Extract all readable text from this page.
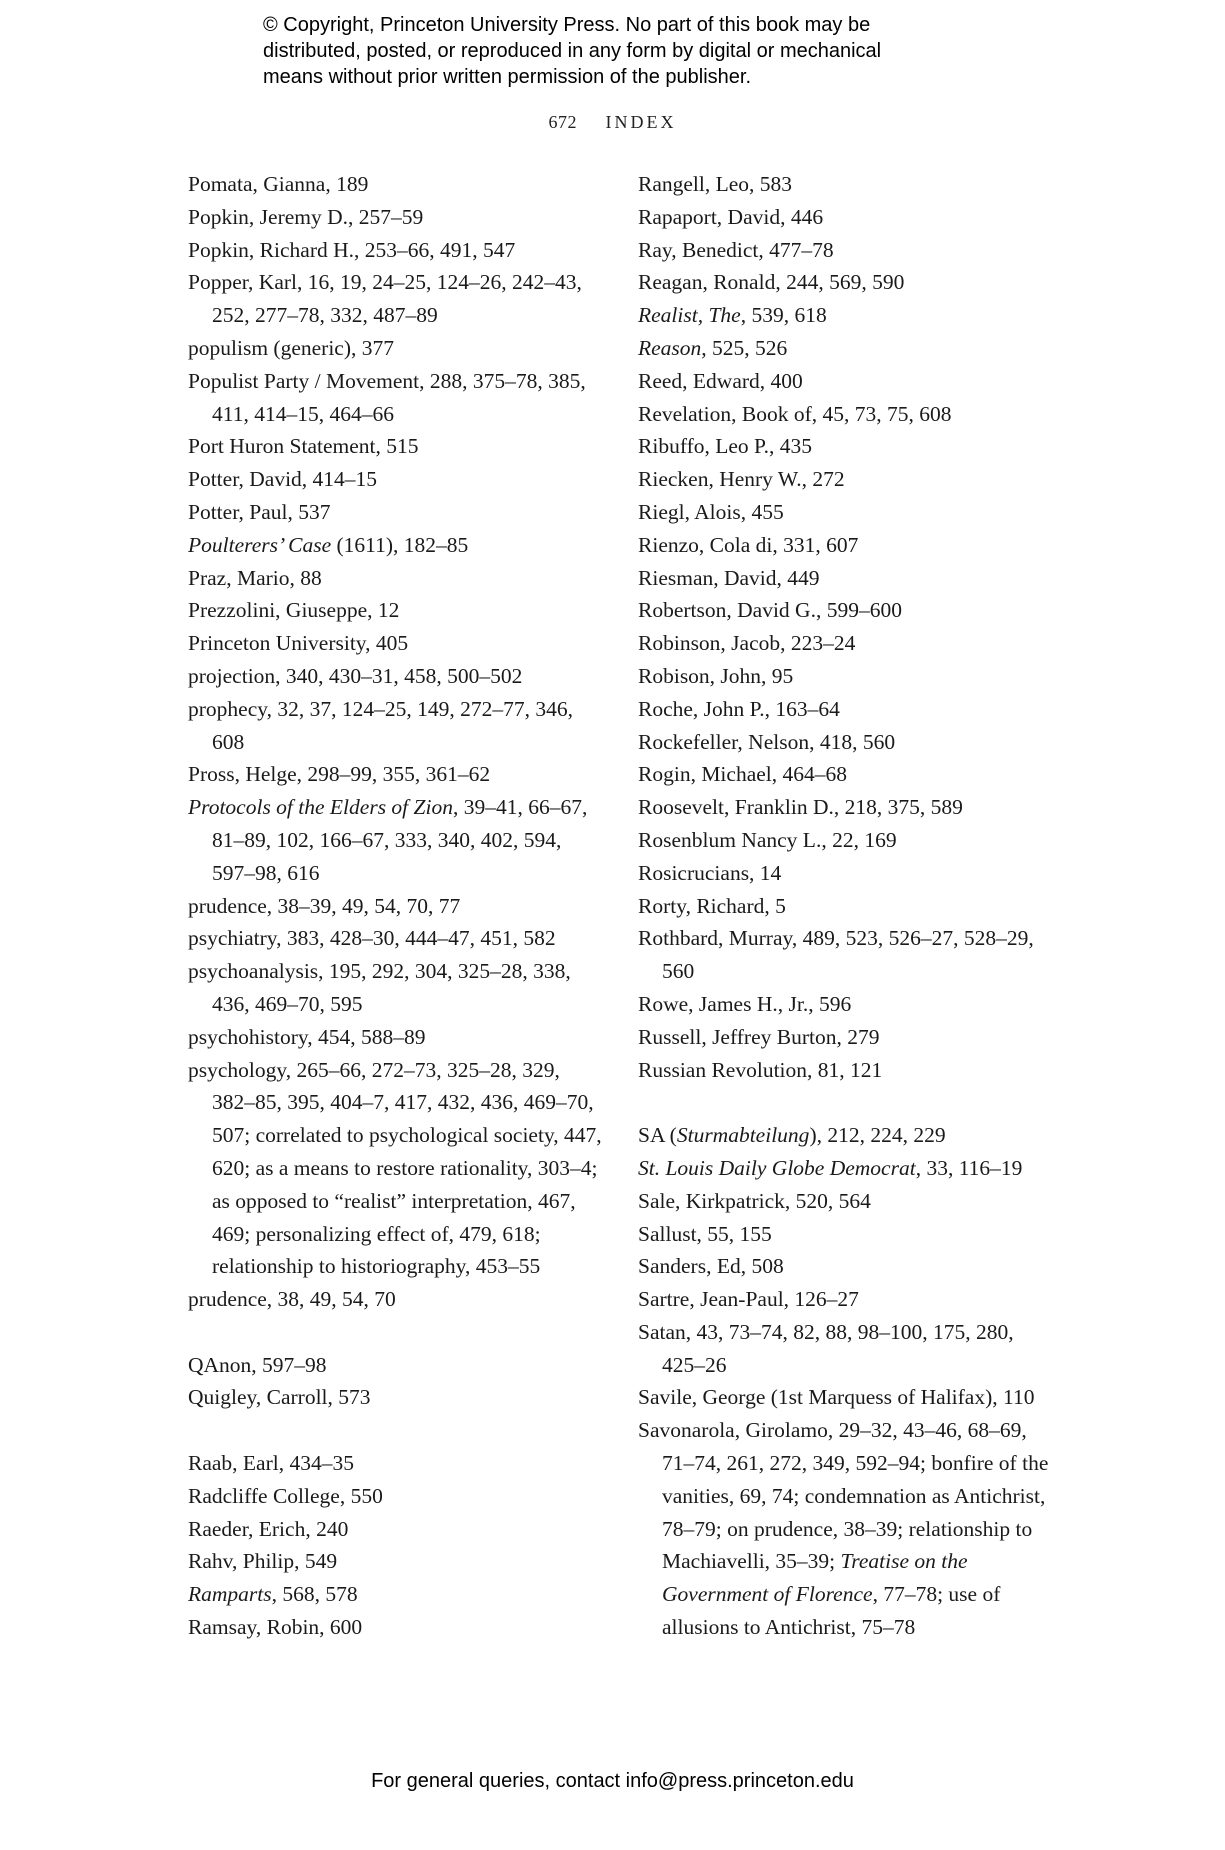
© Copyright, Princeton University Press. No part of this book may be
distributed, posted, or reproduced in any form by digital or mechanical
means without prior written permission of the publisher.
672 INDEX

Pomata, Gianna, 189

Popkin, Jeremy D., 257–59

Popkin, Richard H., 253–66, 491, 547

Popper, Karl, 16, 19, 24–25, 124–26, 242–43, 252, 277–78, 332, 487–89

populism (generic), 377

Populist Party / Movement, 288, 375–78, 385, 411, 414–15, 464–66

Port Huron Statement, 515

Potter, David, 414–15

Potter, Paul, 537

Poulterers’ Case (1611), 182–85

Praz, Mario, 88

Prezzolini, Giuseppe, 12

Princeton University, 405

projection, 340, 430–31, 458, 500–502

prophecy, 32, 37, 124–25, 149, 272–77, 346, 608

Pross, Helge, 298–99, 355, 361–62

Protocols of the Elders of Zion, 39–41, 66–67, 81–89, 102, 166–67, 333, 340, 402, 594, 597–98, 616

prudence, 38–39, 49, 54, 70, 77

psychiatry, 383, 428–30, 444–47, 451, 582

psychoanalysis, 195, 292, 304, 325–28, 338, 436, 469–70, 595

psychohistory, 454, 588–89

psychology, 265–66, 272–73, 325–28, 329, 382–85, 395, 404–7, 417, 432, 436, 469–70, 507; correlated to psychological society, 447, 620; as a means to restore rationality, 303–4; as opposed to “realist” interpretation, 467, 469; personalizing effect of, 479, 618; relationship to historiography, 453–55

prudence, 38, 49, 54, 70

QAnon, 597–98

Quigley, Carroll, 573

Raab, Earl, 434–35

Radcliffe College, 550

Raeder, Erich, 240

Rahv, Philip, 549

Ramparts, 568, 578

Ramsay, Robin, 600

Rangell, Leo, 583

Rapaport, David, 446

Ray, Benedict, 477–78

Reagan, Ronald, 244, 569, 590

Realist, The, 539, 618

Reason, 525, 526

Reed, Edward, 400

Revelation, Book of, 45, 73, 75, 608

Ribuffo, Leo P., 435

Riecken, Henry W., 272

Riegl, Alois, 455

Rienzo, Cola di, 331, 607

Riesman, David, 449

Robertson, David G., 599–600

Robinson, Jacob, 223–24

Robison, John, 95

Roche, John P., 163–64

Rockefeller, Nelson, 418, 560

Rogin, Michael, 464–68

Roosevelt, Franklin D., 218, 375, 589

Rosenblum Nancy L., 22, 169

Rosicrucians, 14

Rorty, Richard, 5

Rothbard, Murray, 489, 523, 526–27, 528–29, 560

Rowe, James H., Jr., 596

Russell, Jeffrey Burton, 279

Russian Revolution, 81, 121

SA (Sturmabteilung), 212, 224, 229

St. Louis Daily Globe Democrat, 33, 116–19

Sale, Kirkpatrick, 520, 564

Sallust, 55, 155

Sanders, Ed, 508

Sartre, Jean-Paul, 126–27

Satan, 43, 73–74, 82, 88, 98–100, 175, 280, 425–26

Savile, George (1st Marquess of Halifax), 110

Savonarola, Girolamo, 29–32, 43–46, 68–69, 71–74, 261, 272, 349, 592–94; bonfire of the vanities, 69, 74; condemnation as Antichrist, 78–79; on prudence, 38–39; relationship to Machiavelli, 35–39; Treatise on the Government of Florence, 77–78; use of allusions to Antichrist, 75–78

For general queries, contact info@press.princeton.edu
